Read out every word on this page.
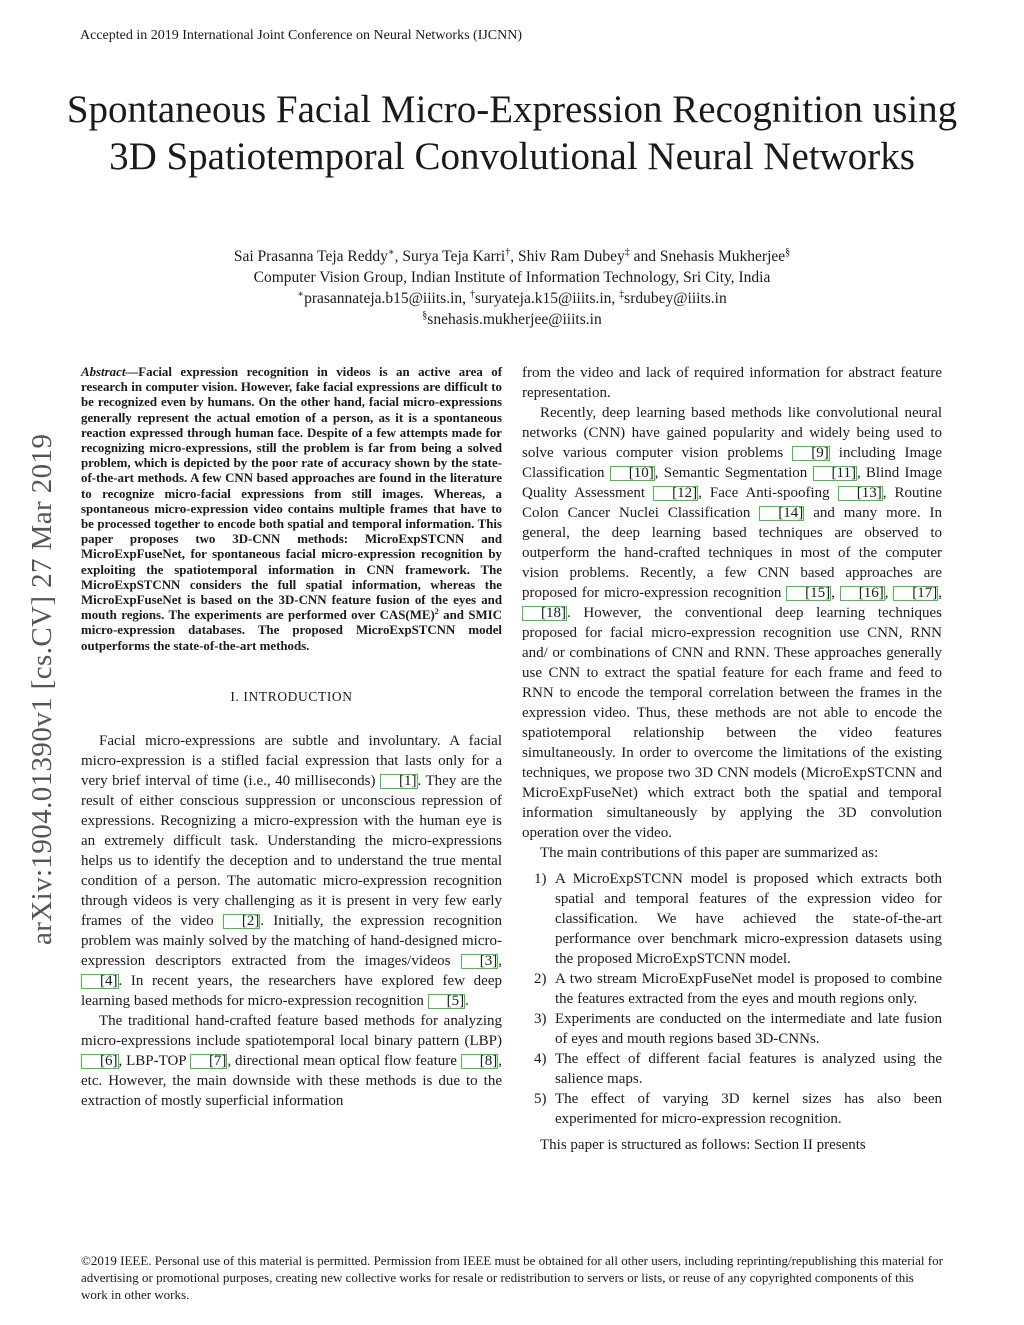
Accepted in 2019 International Joint Conference on Neural Networks (IJCNN)
Spontaneous Facial Micro-Expression Recognition using 3D Spatiotemporal Convolutional Neural Networks
Sai Prasanna Teja Reddy∗, Surya Teja Karri†, Shiv Ram Dubey‡ and Snehasis Mukherjee§
Computer Vision Group, Indian Institute of Information Technology, Sri City, India
∗prasannateja.b15@iiits.in, †suryateja.k15@iiits.in, ‡srdubey@iiits.in
§snehasis.mukherjee@iiits.in
arXiv:1904.01390v1 [cs.CV] 27 Mar 2019

Abstract—Facial expression recognition in videos is an active area of research in computer vision. However, fake facial expressions are difficult to be recognized even by humans. On the other hand, facial micro-expressions generally represent the actual emotion of a person, as it is a spontaneous reaction expressed through human face. Despite of a few attempts made for recognizing micro-expressions, still the problem is far from being a solved problem, which is depicted by the poor rate of accuracy shown by the state-of-the-art methods. A few CNN based approaches are found in the literature to recognize micro-facial expressions from still images. Whereas, a spontaneous micro-expression video contains multiple frames that have to be processed together to encode both spatial and temporal information. This paper proposes two 3D-CNN methods: MicroExpSTCNN and MicroExpFuseNet, for spontaneous facial micro-expression recognition by exploiting the spatiotemporal information in CNN framework. The MicroExpSTCNN considers the full spatial information, whereas the MicroExpFuseNet is based on the 3D-CNN feature fusion of the eyes and mouth regions. The experiments are performed over CAS(ME)$^2$ and SMIC micro-expression databases. The proposed MicroExpSTCNN model outperforms the state-of-the-art methods.

I. INTRODUCTION

Facial micro-expressions are subtle and involuntary. A facial micro-expression is a stifled facial expression that lasts only for a very brief interval of time (i.e., 40 milliseconds) [1]. They are the result of either conscious suppression or unconscious repression of expressions. Recognizing a micro-expression with the human eye is an extremely difficult task. Understanding the micro-expressions helps us to identify the deception and to understand the true mental condition of a person. The automatic micro-expression recognition through videos is very challenging as it is present in very few early frames of the video [2]. Initially, the expression recognition problem was mainly solved by the matching of hand-designed micro-expression descriptors extracted from the images/videos [3], [4]. In recent years, the researchers have explored few deep learning based methods for micro-expression recognition [5].

The traditional hand-crafted feature based methods for analyzing micro-expressions include spatiotemporal local binary pattern (LBP) [6], LBP-TOP [7], directional mean optical flow feature [8], etc. However, the main downside with these methods is due to the extraction of mostly superficial information

from the video and lack of required information for abstract feature representation.

Recently, deep learning based methods like convolutional neural networks (CNN) have gained popularity and widely being used to solve various computer vision problems [9] including Image Classification [10], Semantic Segmentation [11], Blind Image Quality Assessment [12], Face Anti-spoofing [13], Routine Colon Cancer Nuclei Classification [14] and many more. In general, the deep learning based techniques are observed to outperform the hand-crafted techniques in most of the computer vision problems. Recently, a few CNN based approaches are proposed for micro-expression recognition [15], [16], [17], [18]. However, the conventional deep learning techniques proposed for facial micro-expression recognition use CNN, RNN and/ or combinations of CNN and RNN. These approaches generally use CNN to extract the spatial feature for each frame and feed to RNN to encode the temporal correlation between the frames in the expression video. Thus, these methods are not able to encode the spatiotemporal relationship between the video features simultaneously. In order to overcome the limitations of the existing techniques, we propose two 3D CNN models (MicroExpSTCNN and MicroExpFuseNet) which extract both the spatial and temporal information simultaneously by applying the 3D convolution operation over the video.

The main contributions of this paper are summarized as:

1) A MicroExpSTCNN model is proposed which extracts both spatial and temporal features of the expression video for classification. We have achieved the state-of-the-art performance over benchmark micro-expression datasets using the proposed MicroExpSTCNN model.
2) A two stream MicroExpFuseNet model is proposed to combine the features extracted from the eyes and mouth regions only.
3) Experiments are conducted on the intermediate and late fusion of eyes and mouth regions based 3D-CNNs.
4) The effect of different facial features is analyzed using the salience maps.
5) The effect of varying 3D kernel sizes has also been experimented for micro-expression recognition.

This paper is structured as follows: Section II presents

©2019 IEEE. Personal use of this material is permitted. Permission from IEEE must be obtained for all other users, including reprinting/republishing this material for advertising or promotional purposes, creating new collective works for resale or redistribution to servers or lists, or reuse of any copyrighted components of this work in other works.
